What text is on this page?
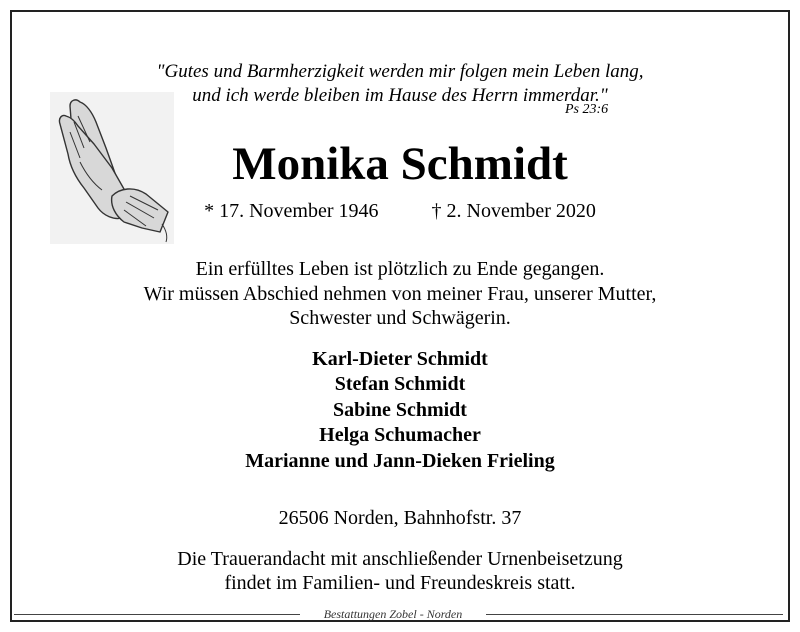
"Gutes und Barmherzigkeit werden mir folgen mein Leben lang,
und ich werde bleiben im Hause des Herrn immerdar."
Ps 23:6
Monika Schmidt
* 17. November 1946	† 2. November 2020
Ein erfülltes Leben ist plötzlich zu Ende gegangen.
Wir müssen Abschied nehmen von meiner Frau, unserer Mutter,
Schwester und Schwägerin.
Karl-Dieter Schmidt
Stefan Schmidt
Sabine Schmidt
Helga Schumacher
Marianne und Jann-Dieken Frieling
26506 Norden, Bahnhofstr. 37
Die Trauerandacht mit anschließender Urnenbeisetzung
findet im Familien- und Freundeskreis statt.
Bestattungen Zobel - Norden
